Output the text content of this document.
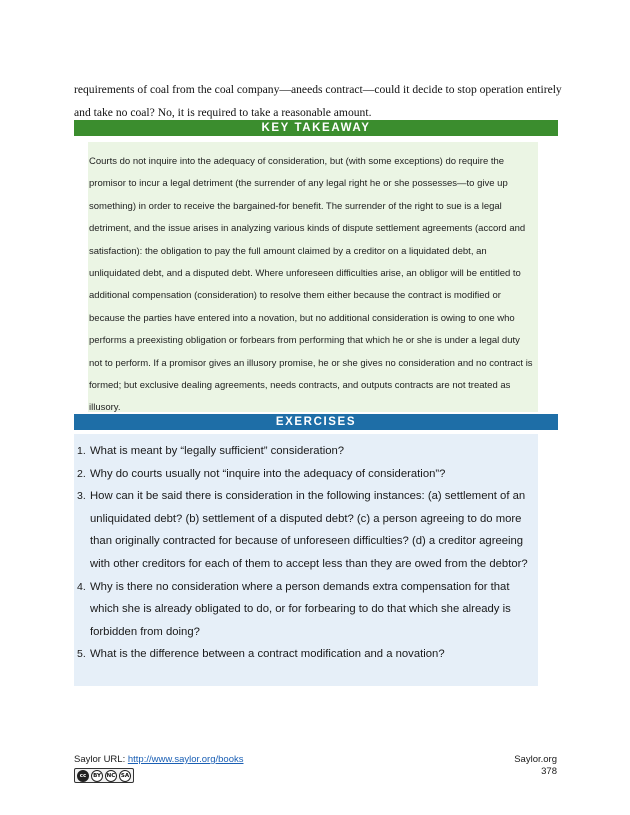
requirements of coal from the coal company—aneeds contract—could it decide to stop operation entirely

and take no coal? No, it is required to take a reasonable amount.

KEY TAKEAWAY

Courts do not inquire into the adequacy of consideration, but (with some exceptions) do require the promisor to incur a legal detriment (the surrender of any legal right he or she possesses—to give up something) in order to receive the bargained-for benefit. The surrender of the right to sue is a legal detriment, and the issue arises in analyzing various kinds of dispute settlement agreements (accord and satisfaction): the obligation to pay the full amount claimed by a creditor on a liquidated debt, an unliquidated debt, and a disputed debt. Where unforeseen difficulties arise, an obligor will be entitled to additional compensation (consideration) to resolve them either because the contract is modified or because the parties have entered into a novation, but no additional consideration is owing to one who performs a preexisting obligation or forbears from performing that which he or she is under a legal duty not to perform. If a promisor gives an illusory promise, he or she gives no consideration and no contract is formed; but exclusive dealing agreements, needs contracts, and outputs contracts are not treated as illusory.

EXERCISES
1. What is meant by “legally sufficient” consideration?
2. Why do courts usually not “inquire into the adequacy of consideration”?
3. How can it be said there is consideration in the following instances: (a) settlement of an unliquidated debt? (b) settlement of a disputed debt? (c) a person agreeing to do more than originally contracted for because of unforeseen difficulties? (d) a creditor agreeing with other creditors for each of them to accept less than they are owed from the debtor?
4. Why is there no consideration where a person demands extra compensation for that which she is already obligated to do, or for forbearing to do that which she already is forbidden from doing?
5. What is the difference between a contract modification and a novation?
Saylor URL: http://www.saylor.org/books
cc	BY	NC	SA
Saylor.org
378
